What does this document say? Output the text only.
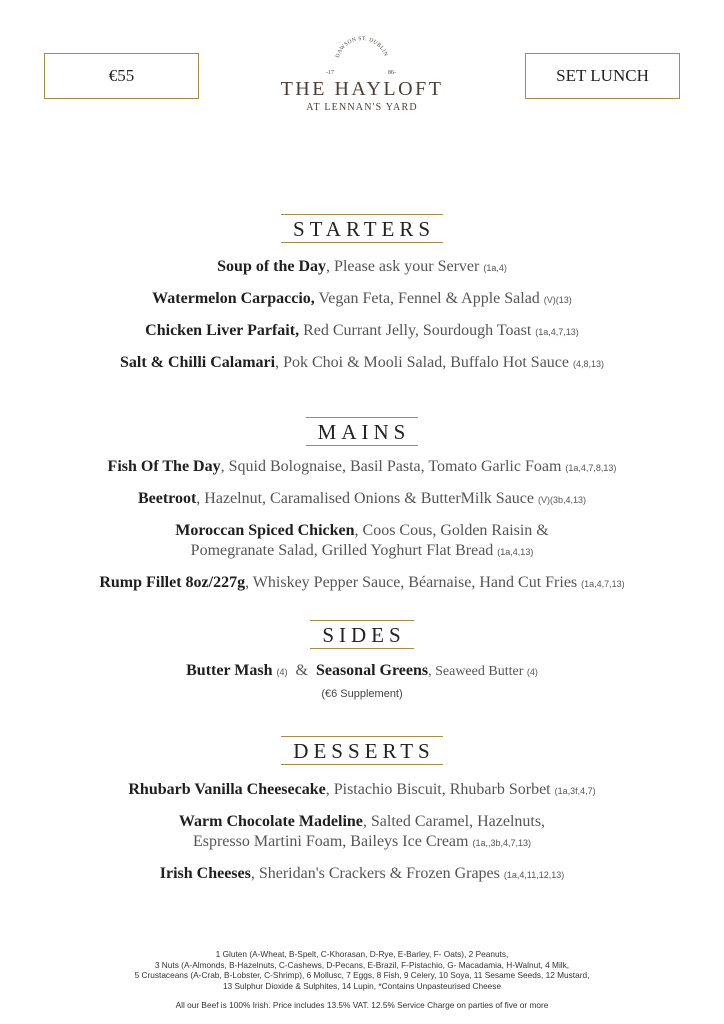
€55	SET LUNCH
DAWSON ST. DUBLIN
-17	86-
THE HAYLOFT
AT LENNAN'S YARD
STARTERS
Soup of the Day, Please ask your Server (1a,4)
Watermelon Carpaccio, Vegan Feta, Fennel & Apple Salad (V)(13)
Chicken Liver Parfait, Red Currant Jelly, Sourdough Toast (1a,4,7,13)
Salt & Chilli Calamari, Pok Choi & Mooli Salad, Buffalo Hot Sauce (4,8,13)
MAINS
Fish Of The Day, Squid Bolognaise, Basil Pasta, Tomato Garlic Foam (1a,4,7,8,13)
Beetroot, Hazelnut, Caramalised Onions & ButterMilk Sauce (V)(3b,4,13)
Moroccan Spiced Chicken, Coos Cous, Golden Raisin &
Pomegranate Salad, Grilled Yoghurt Flat Bread (1a,4,13)
Rump Fillet 8oz/227g, Whiskey Pepper Sauce, Béarnaise, Hand Cut Fries (1a,4,7,13)
SIDES
Butter Mash (4) & Seasonal Greens, Seaweed Butter (4)
(€6 Supplement)
DESSERTS
Rhubarb Vanilla Cheesecake, Pistachio Biscuit, Rhubarb Sorbet (1a,3f,4,7)
Warm Chocolate Madeline, Salted Caramel, Hazelnuts,
Espresso Martini Foam, Baileys Ice Cream (1a,,3b,4,7,13)
Irish Cheeses, Sheridan's Crackers & Frozen Grapes (1a,4,11,12,13)
1 Gluten (A-Wheat, B-Spelt, C-Khorasan, D-Rye, E-Barley, F- Oats), 2 Peanuts,
3 Nuts (A-Almonds, B-Hazelnuts, C-Cashews, D-Pecans, E-Brazil, F-Pistachio, G- Macadamia, H-Walnut, 4 Milk,
5 Crustaceans (A-Crab, B-Lobster, C-Shrimp), 6 Mollusc, 7 Eggs, 8 Fish, 9 Celery, 10 Soya, 11 Sesame Seeds, 12 Mustard,
13 Sulphur Dioxide & Sulphites, 14 Lupin, *Contains Unpasteurised Cheese
All our Beef is 100% Irish. Price includes 13.5% VAT. 12.5% Service Charge on parties of five or more
